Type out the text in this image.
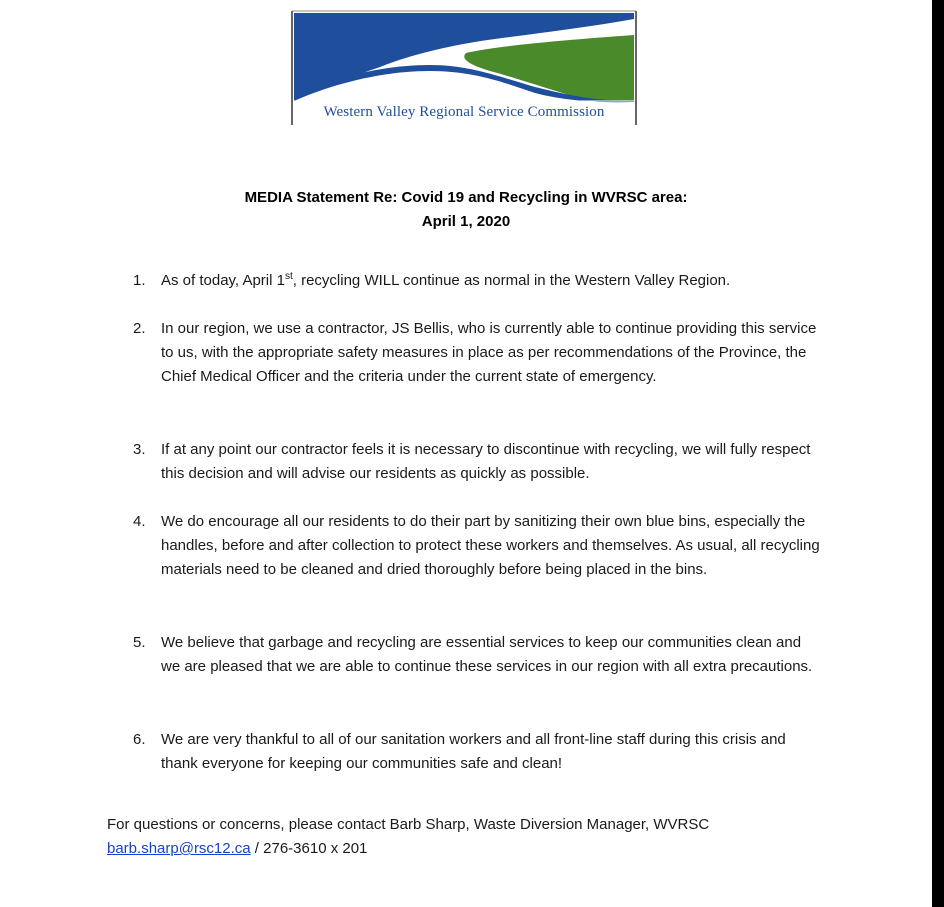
Western Valley Regional Service Commission
MEDIA Statement Re: Covid 19 and Recycling in WVRSC area:
April 1, 2020
1.	As of today, April 1st, recycling WILL continue as normal in the Western Valley Region.
2.	In our region, we use a contractor, JS Bellis, who is currently able to continue providing this service to us, with the appropriate safety measures in place as per recommendations of the Province, the Chief Medical Officer and the criteria under the current state of emergency.
3.	If at any point our contractor feels it is necessary to discontinue with recycling, we will fully respect this decision and will advise our residents as quickly as possible.
4.	We do encourage all our residents to do their part by sanitizing their own blue bins, especially the handles, before and after collection to protect these workers and themselves. As usual, all recycling materials need to be cleaned and dried thoroughly before being placed in the bins.
5.	We believe that garbage and recycling are essential services to keep our communities clean and we are pleased that we are able to continue these services in our region with all extra precautions.
6.	We are very thankful to all of our sanitation workers and all front-line staff during this crisis and thank everyone for keeping our communities safe and clean!
For questions or concerns, please contact Barb Sharp, Waste Diversion Manager, WVRSC
barb.sharp@rsc12.ca / 276-3610 x 201
